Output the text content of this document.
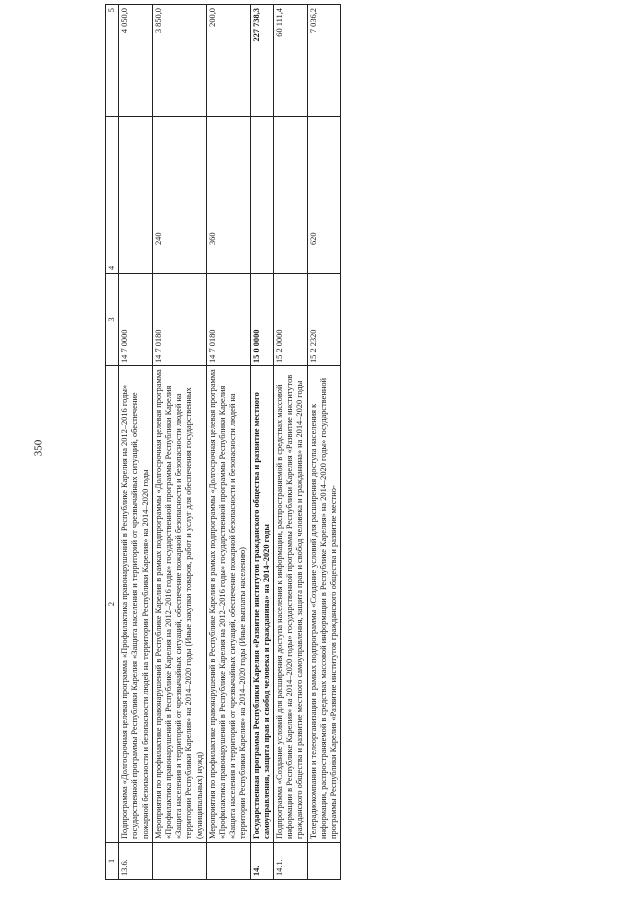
350
1	2	3	4	5
13.6.	Подпрограмма «Долгосрочная целевая программа «Профилактика правонарушений в Республике Карелия на 2012–2016 годы» государственной программы Республики Карелия «Защита населения и территорий от чрезвычайных ситуаций, обеспечение пожарной безопасности и безопасности людей на территории Республики Карелия» на 2014–2020 годы	14 7 0000		4 050,0
	Мероприятия по профилактике правонарушений в Республике Карелия в рамках подпрограммы «Долгосрочная целевая программа «Профилактика правонарушений в Республике Карелия на 2012–2016 годы» государственной программы Республики Карелия «Защита населения и территорий от чрезвычайных ситуаций, обеспечение пожарной безопасности и безопасности людей на территории Республики Карелия» на 2014–2020 годы (Иные закупки товаров, работ и услуг для обеспечения государственных (муниципальных) нужд)	14 7 0180	240	3 850,0
	Мероприятия по профилактике правонарушений в Республике Карелия в рамках подпрограммы «Долгосрочная целевая программа «Профилактика правонарушений в Республике Карелия на 2012–2016 годы» государственной программы Республики Карелия «Защита населения и территорий от чрезвычайных ситуаций, обеспечение пожарной безопасности и безопасности людей на территории Республики Карелия» на 2014–2020 годы (Иные выплаты населению)	14 7 0180	360	200,0
14.	Государственная программа Республики Карелия «Развитие институтов гражданского общества и развитие местного самоуправления, защита прав и свобод человека и гражданина» на 2014–2020 годы	15 0 0000		227 738,3
14.1.	Подпрограмма «Создание условий для расширения доступа населения к информации, распространяемой в средствах массовой информации в Республике Карелия» на 2014–2020 годы» государственной программы Республики Карелия «Развитие институтов гражданского общества и развитие местного самоуправления, защита прав и свобод человека и гражданина» на 2014–2020 годы	15 2 0000		60 111,4
	Телерадиокомпании и телеорганизации в рамках подпрограммы «Создание условий для расширения доступа населения к информации, распространяемой в средствах массовой информации в Республике Карелия» на 2014–2020 годы» государственной программы Республики Карелия «Развитие институтов гражданского общества и развитие местно-	15 2 2320	620	7 036,2
